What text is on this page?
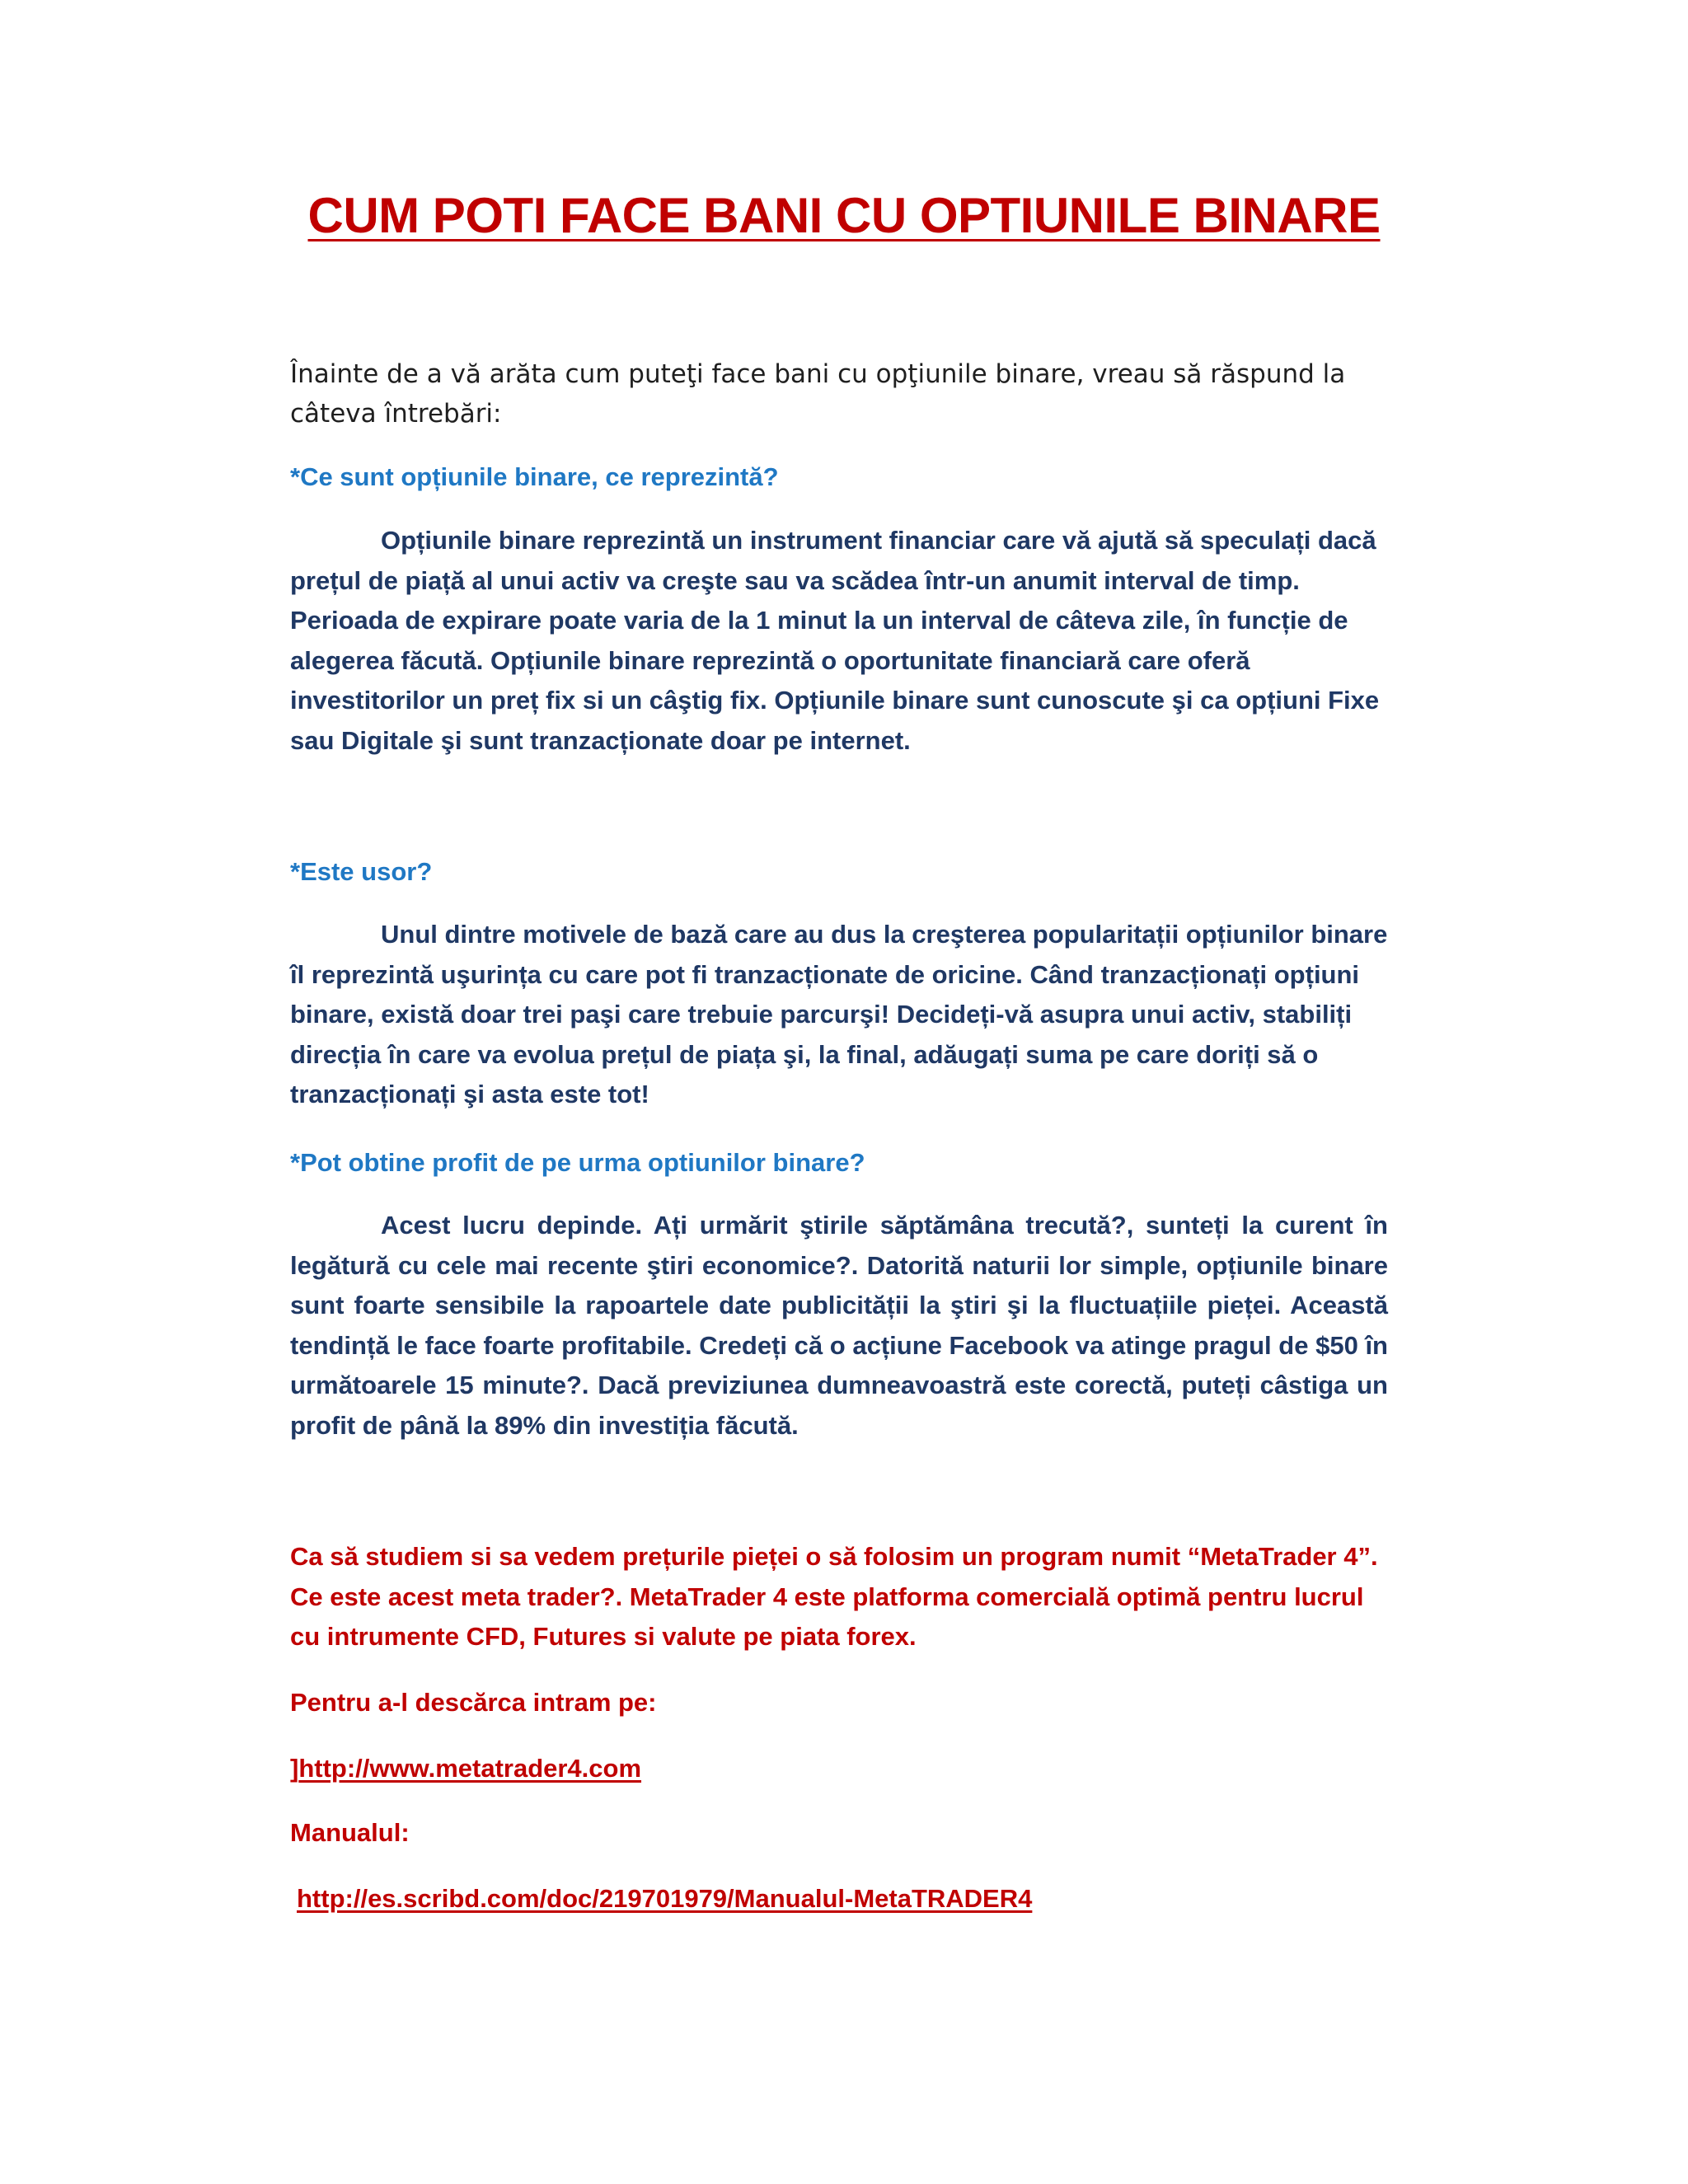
CUM POTI FACE BANI CU OPTIUNILE BINARE

Înainte de a vă arăta cum puteţi face bani cu opţiunile binare, vreau să răspund la câteva întrebări:

*Ce sunt opțiunile binare, ce reprezintă?

Opțiunile binare reprezintă un instrument financiar care vă ajută să speculați dacă prețul de piață al unui activ va creşte sau va scădea într-un anumit interval de timp. Perioada de expirare poate varia de la 1 minut la un interval de câteva zile, în funcție de alegerea făcută. Opțiunile binare reprezintă o oportunitate financiară care oferă investitorilor un preț fix si un câştig fix. Opțiunile binare sunt cunoscute şi ca opțiuni Fixe sau Digitale şi sunt tranzacționate doar pe internet.

*Este usor?

Unul dintre motivele de bază care au dus la creşterea popularitații opțiunilor binare îl reprezintă uşurința cu care pot fi tranzacționate de oricine. Când tranzacționați opțiuni binare, există doar trei paşi care trebuie parcurşi! Decideți-vă asupra unui activ, stabiliți direcția în care va evolua prețul de piața şi, la final, adăugați suma pe care doriți să o tranzacționați şi asta este tot!

*Pot obtine profit de pe urma optiunilor binare?

Acest lucru depinde. Ați urmărit ştirile săptămâna trecută?, sunteți la curent în legătură cu cele mai recente ştiri economice?. Datorită naturii lor simple, opțiunile binare sunt foarte sensibile la rapoartele date publicității la ştiri şi la fluctuațiile pieței. Această tendință le face foarte profitabile. Credeți că o acțiune Facebook va atinge pragul de $50 în următoarele 15 minute?. Dacă previziunea dumneavoastră este corectă, puteți câstiga un profit de până la 89% din investiția făcută.

Ca să studiem si sa vedem prețurile pieței o să folosim un program numit “MetaTrader 4”. Ce este acest meta trader?. MetaTrader 4 este platforma comercială optimă pentru lucrul cu intrumente CFD, Futures si valute pe piata forex.

Pentru a-l descărca intram pe:

]http://www.metatrader4.com

Manualul:

http://es.scribd.com/doc/219701979/Manualul-MetaTRADER4
